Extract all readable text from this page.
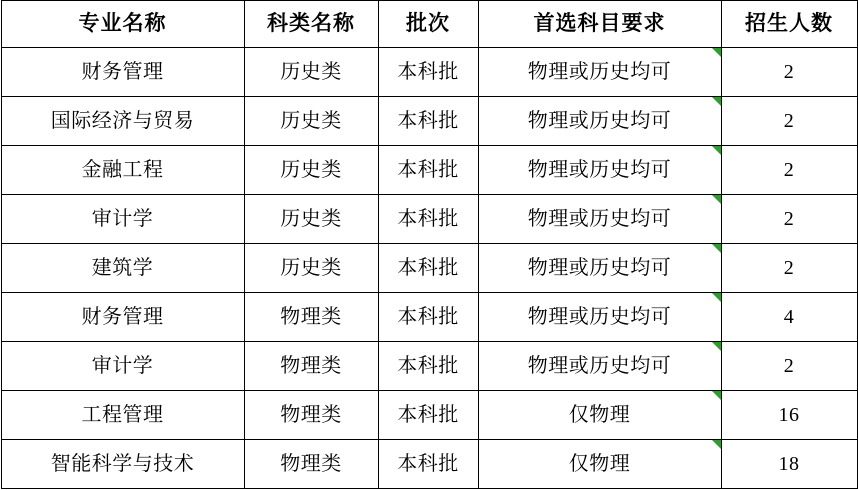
专业名称	科类名称	批次	首选科目要求	招生人数

财务管理	历史类	本科批	物理或历史均可	2

国际经济与贸易	历史类	本科批	物理或历史均可	2

金融工程	历史类	本科批	物理或历史均可	2

审计学	历史类	本科批	物理或历史均可	2

建筑学	历史类	本科批	物理或历史均可	2

财务管理	物理类	本科批	物理或历史均可	4

审计学	物理类	本科批	物理或历史均可	2

工程管理	物理类	本科批	仅物理	16

智能科学与技术	物理类	本科批	仅物理	18
